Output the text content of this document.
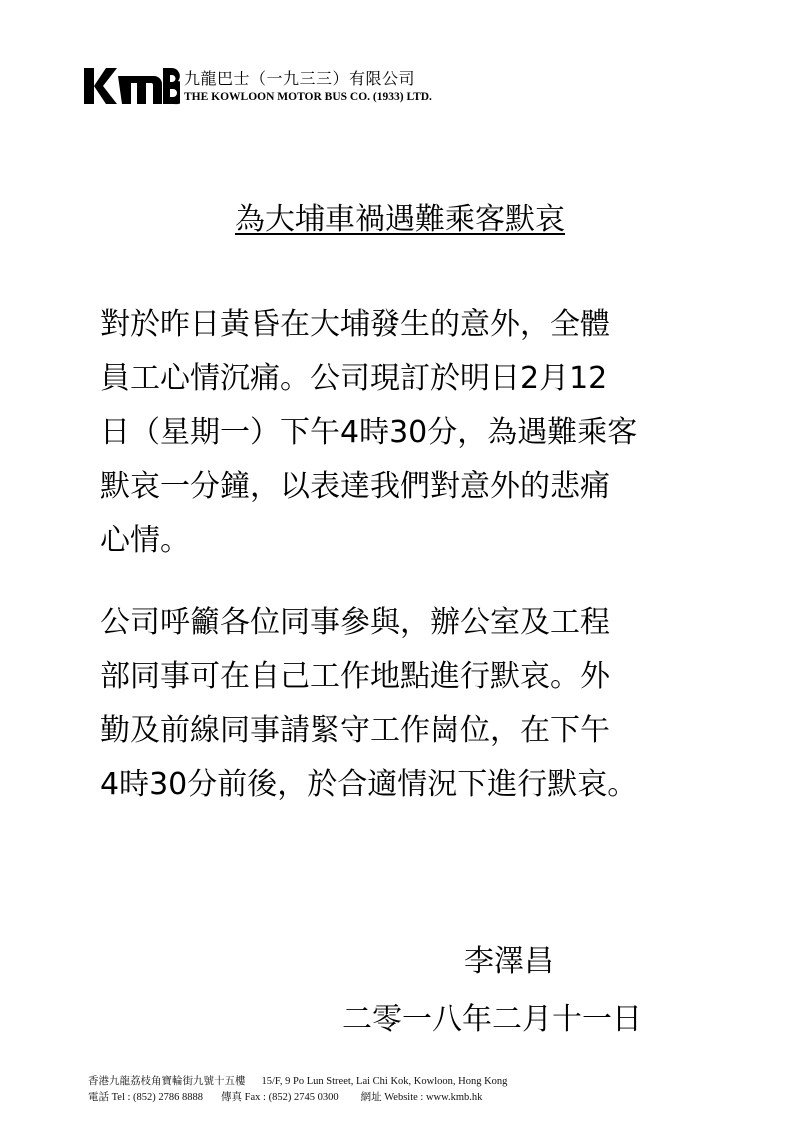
九龍巴士（一九三三）有限公司
THE KOWLOON MOTOR BUS CO. (1933) LTD.
為大埔車禍遇難乘客默哀

對於昨日黃昏在大埔發生的意外，全體
員工心情沉痛。公司現訂於明日2月12
日（星期一）下午4時30分，為遇難乘客
默哀一分鐘，以表達我們對意外的悲痛
心情。

公司呼籲各位同事參與，辦公室及工程
部同事可在自己工作地點進行默哀。外
勤及前線同事請緊守工作崗位，在下午
4時30分前後，於合適情況下進行默哀。

李澤昌
二零一八年二月十一日
香港九龍荔枝角寶輪街九號十五樓 15/F, 9 Po Lun Street, Lai Chi Kok, Kowloon, Hong Kong
電話 Tel : (852) 2786 8888 傳真 Fax : (852) 2745 0300 網址 Website : www.kmb.hk
